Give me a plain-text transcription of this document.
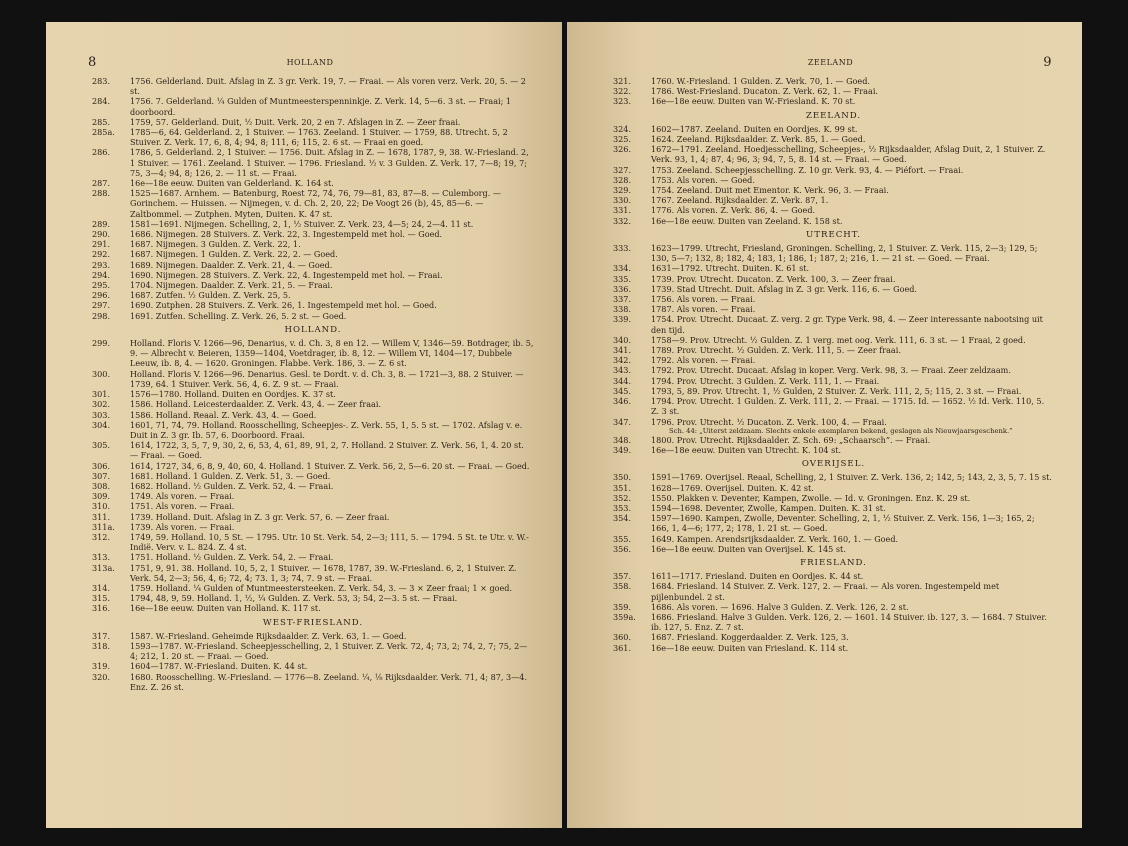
8	HOLLAND
283.	1756. Gelderland. Duit. Afslag in Z. 3 gr. Verk. 19, 7. — Fraai. — Als voren verz. Verk. 20, 5. — 2 st.
284.	1756. 7. Gelderland. ¼ Gulden of Muntmeesterspenninkje. Z. Verk. 14, 5—6. 3 st. — Fraai; 1 doorboord.
285.	1759, 57. Gelderland. Duit, ½ Duit. Verk. 20, 2 en 7. Afslagen in Z. — Zeer fraai.
285a.	1785—6, 64. Gelderland. 2, 1 Stuiver. — 1763. Zeeland. 1 Stuiver. — 1759, 88. Utrecht. 5, 2 Stuiver. Z. Verk. 17, 6, 8, 4; 94, 8; 111, 6; 115, 2. 6 st. — Fraai en goed.
286.	1786, 5. Gelderland. 2, 1 Stuiver. — 1756. Duit. Afslag in Z. — 1678, 1787, 9, 38. W.-Friesland. 2, 1 Stuiver. — 1761. Zeeland. 1 Stuiver. — 1796. Friesland. ½ v. 3 Gulden. Z. Verk. 17, 7—8; 19, 7; 75, 3—4; 94, 8; 126, 2. — 11 st. — Fraai.
287.	16e—18e eeuw. Duiten van Gelderland. K. 164 st.
288.	1525—1687. Arnhem. — Batenburg, Roest 72, 74, 76, 79—81, 83, 87—8. — Culemborg. — Gorinchem. — Huissen. — Nijmegen, v. d. Ch. 2, 20, 22; De Voogt 26 (b), 45, 85—6. — Zaltbommel. — Zutphen. Myten, Duiten. K. 47 st.
289.	1581—1691. Nijmegen. Schelling, 2, 1, ½ Stuiver. Z. Verk. 23, 4—5; 24, 2—4. 11 st.
290.	1686. Nijmegen. 28 Stuivers. Z. Verk. 22, 3. Ingestempeld met hol. — Goed.
291.	1687. Nijmegen. 3 Gulden. Z. Verk. 22, 1.
292.	1687. Nijmegen. 1 Gulden. Z. Verk. 22, 2. — Goed.
293.	1689. Nijmegen. Daalder. Z. Verk. 21, 4. — Goed.
294.	1690. Nijmegen. 28 Stuivers. Z. Verk. 22, 4. Ingestempeld met hol. — Fraai.
295.	1704. Nijmegen. Daalder. Z. Verk. 21, 5. — Fraai.
296.	1687. Zutfen. ½ Gulden. Z. Verk. 25, 5.
297.	1690. Zutphen. 28 Stuivers. Z. Verk. 26, 1. Ingestempeld met hol. — Goed.
298.	1691. Zutfen. Schelling. Z. Verk. 26, 5. 2 st. — Goed.
HOLLAND.
299.	Holland. Floris V. 1266—96, Denarius, v. d. Ch. 3, 8 en 12. — Willem V, 1346—59. Botdrager, ib. 5, 9. — Albrecht v. Beieren, 1359—1404, Voetdrager, ib. 8, 12. — Willem VI, 1404—17, Dubbele Leeuw, ib. 8, 4. — 1620. Groningen. Flabbe. Verk. 186, 3. — Z. 6 st.
300.	Holland. Floris V. 1266—96. Denarius. Gesl. te Dordt. v. d. Ch. 3, 8. — 1721—3, 88. 2 Stuiver. — 1739, 64. 1 Stuiver. Verk. 56, 4, 6. Z. 9 st. — Fraai.
301.	1576—1780. Holland. Duiten en Oordjes. K. 37 st.
302.	1586. Holland. Leicesterdaalder. Z. Verk. 43, 4. — Zeer fraai.
303.	1586. Holland. Reaal. Z. Verk. 43, 4. — Goed.
304.	1601, 71, 74, 79. Holland. Roosschelling, Scheepjes-. Z. Verk. 55, 1, 5. 5 st. — 1702. Afslag v. e. Duit in Z. 3 gr. Ib. 57, 6. Doorboord. Fraai.
305.	1614, 1722, 3, 5, 7, 9, 30, 2, 6, 53, 4, 61, 89, 91, 2, 7. Holland. 2 Stuiver. Z. Verk. 56, 1, 4. 20 st. — Fraai. — Goed.
306.	1614, 1727, 34, 6, 8, 9, 40, 60, 4. Holland. 1 Stuiver. Z. Verk. 56, 2, 5—6. 20 st. — Fraai. — Goed.
307.	1681. Holland. 1 Gulden. Z. Verk. 51, 3. — Goed.
308.	1682. Holland. ½ Gulden. Z. Verk. 52, 4. — Fraai.
309.	1749. Als voren. — Fraai.
310.	1751. Als voren. — Fraai.
311.	1739. Holland. Duit. Afslag in Z. 3 gr. Verk. 57, 6. — Zeer fraai.
311a.	1739. Als voren. — Fraai.
312.	1749, 59. Holland. 10, 5 St. — 1795. Utr. 10 St. Verk. 54, 2—3; 111, 5. — 1794. 5 St. te Utr. v. W.-Indië. Verv. v. L. 824. Z. 4 st.
313.	1751. Holland. ½ Gulden. Z. Verk. 54, 2. — Fraai.
313a.	1751, 9, 91. 38. Holland. 10, 5, 2, 1 Stuiver. — 1678, 1787, 39. W.-Friesland. 6, 2, 1 Stuiver. Z. Verk. 54, 2—3; 56, 4, 6; 72, 4; 73. 1, 3; 74, 7. 9 st. — Fraai.
314.	1759. Holland. ¼ Gulden of Muntmeestersteeken. Z. Verk. 54, 3. — 3 × Zeer fraai; 1 × goed.
315.	1794, 48, 9, 59. Holland. 1, ½, ¼ Gulden. Z. Verk. 53, 3; 54, 2—3. 5 st. — Fraai.
316.	16e—18e eeuw. Duiten van Holland. K. 117 st.
WEST-FRIESLAND.
317.	1587. W.-Friesland. Geheimde Rijksdaalder. Z. Verk. 63, 1. — Goed.
318.	1593—1787. W.-Friesland. Scheepjesschelling, 2, 1 Stuiver. Z. Verk. 72, 4; 73, 2; 74, 2, 7; 75, 2—4; 212, 1. 20 st. — Fraai. — Goed.
319.	1604—1787. W.-Friesland. Duiten. K. 44 st.
320.	1680. Roosschelling. W.-Friesland. — 1776—8. Zeeland. ¼, ⅛ Rijksdaalder. Verk. 71, 4; 87, 3—4. Enz. Z. 26 st.
ZEELAND	9
321.	1760. W.-Friesland. 1 Gulden. Z. Verk. 70, 1. — Goed.
322.	1786. West-Friesland. Ducaton. Z. Verk. 62, 1. — Fraai.
323.	16e—18e eeuw. Duiten van W.-Friesland. K. 70 st.
ZEELAND.
324.	1602—1787. Zeeland. Duiten en Oordjes. K. 99 st.
325.	1624. Zeeland. Rijksdaalder. Z. Verk. 85, 1. — Goed.
326.	1672—1791. Zeeland. Hoedjesschelling, Scheepjes-, ½ Rijksdaalder, Afslag Duit, 2, 1 Stuiver. Z. Verk. 93, 1, 4; 87, 4; 96, 3; 94, 7, 5, 8. 14 st. — Fraai. — Goed.
327.	1753. Zeeland. Scheepjesschelling. Z. 10 gr. Verk. 93, 4. — Piéfort. — Fraai.
328.	1753. Als voren. — Goed.
329.	1754. Zeeland. Duit met Ementor. K. Verk. 96, 3. — Fraai.
330.	1767. Zeeland. Rijksdaalder. Z. Verk. 87, 1.
331.	1776. Als voren. Z. Verk. 86, 4. — Goed.
332.	16e—18e eeuw. Duiten van Zeeland. K. 158 st.
UTRECHT.
333.	1623—1799. Utrecht, Friesland, Groningen. Schelling, 2, 1 Stuiver. Z. Verk. 115, 2—3; 129, 5; 130, 5—7; 132, 8; 182, 4; 183, 1; 186, 1; 187, 2; 216, 1. — 21 st. — Goed. — Fraai.
334.	1631—1792. Utrecht. Duiten. K. 61 st.
335.	1739. Prov. Utrecht. Ducaton. Z. Verk. 100, 3. — Zeer fraai.
336.	1739. Stad Utrecht. Duit. Afslag in Z. 3 gr. Verk. 116, 6. — Goed.
337.	1756. Als voren. — Fraai.
338.	1787. Als voren. — Fraai.
339.	1754. Prov. Utrecht. Ducaat. Z. verg. 2 gr. Type Verk. 98, 4. — Zeer interessante nabootsing uit den tijd.
340.	1758—9. Prov. Utrecht. ½ Gulden. Z. 1 verg. met oog. Verk. 111, 6. 3 st. — 1 Fraai, 2 goed.
341.	1789. Prov. Utrecht. ½ Gulden. Z. Verk. 111, 5. — Zeer fraai.
342.	1792. Als voren. — Fraai.
343.	1792. Prov. Utrecht. Ducaat. Afslag in koper. Verg. Verk. 98, 3. — Fraai. Zeer zeldzaam.
344.	1794. Prov. Utrecht. 3 Gulden. Z. Verk. 111, 1. — Fraai.
345.	1793, 5, 89. Prov. Utrecht. 1, ½ Gulden, 2 Stuiver. Z. Verk. 111, 2, 5; 115, 2. 3 st. — Fraai.
346.	1794. Prov. Utrecht. 1 Gulden. Z. Verk. 111, 2. — Fraai. — 1715. Id. — 1652. ½ Id. Verk. 110, 5. Z. 3 st.
347.	1796. Prov. Utrecht. ½ Ducaton. Z. Verk. 100, 4. — Fraai.
Sch. 44: „Uiterst zeldzaam. Slechts enkele exemplaren bekend, geslagen als Nieuwjaarsgeschenk.”
348.	1800. Prov. Utrecht. Rijksdaalder. Z. Sch. 69: „Schaarsch”. — Fraai.
349.	16e—18e eeuw. Duiten van Utrecht. K. 104 st.
OVERIJSEL.
350.	1591—1769. Overijsel. Reaal, Schelling, 2, 1 Stuiver. Z. Verk. 136, 2; 142, 5; 143, 2, 3, 5, 7. 15 st.
351.	1628—1769. Overijsel. Duiten. K. 42 st.
352.	1550. Plakken v. Deventer, Kampen, Zwolle. — Id. v. Groningen. Enz. K. 29 st.
353.	1594—1698. Deventer, Zwolle, Kampen. Duiten. K. 31 st.
354.	1597—1690. Kampen, Zwolle, Deventer. Schelling, 2, 1, ½ Stuiver. Z. Verk. 156, 1—3; 165, 2; 166, 1, 4—6; 177, 2; 178, 1. 21 st. — Goed.
355.	1649. Kampen. Arendsrijksdaalder. Z. Verk. 160, 1. — Goed.
356.	16e—18e eeuw. Duiten van Overijsel. K. 145 st.
FRIESLAND.
357.	1611—1717. Friesland. Duiten en Oordjes. K. 44 st.
358.	1684. Friesland. 14 Stuiver. Z. Verk. 127, 2. — Fraai. — Als voren. Ingestempeld met pijlenbundel. 2 st.
359.	1686. Als voren. — 1696. Halve 3 Gulden. Z. Verk. 126, 2. 2 st.
359a.	1686. Friesland. Halve 3 Gulden. Verk. 126, 2. — 1601. 14 Stuiver. ib. 127, 3. — 1684. 7 Stuiver. ib. 127, 5. Enz. Z. 7 st.
360.	1687. Friesland. Koggerdaalder. Z. Verk. 125, 3.
361.	16e—18e eeuw. Duiten van Friesland. K. 114 st.
